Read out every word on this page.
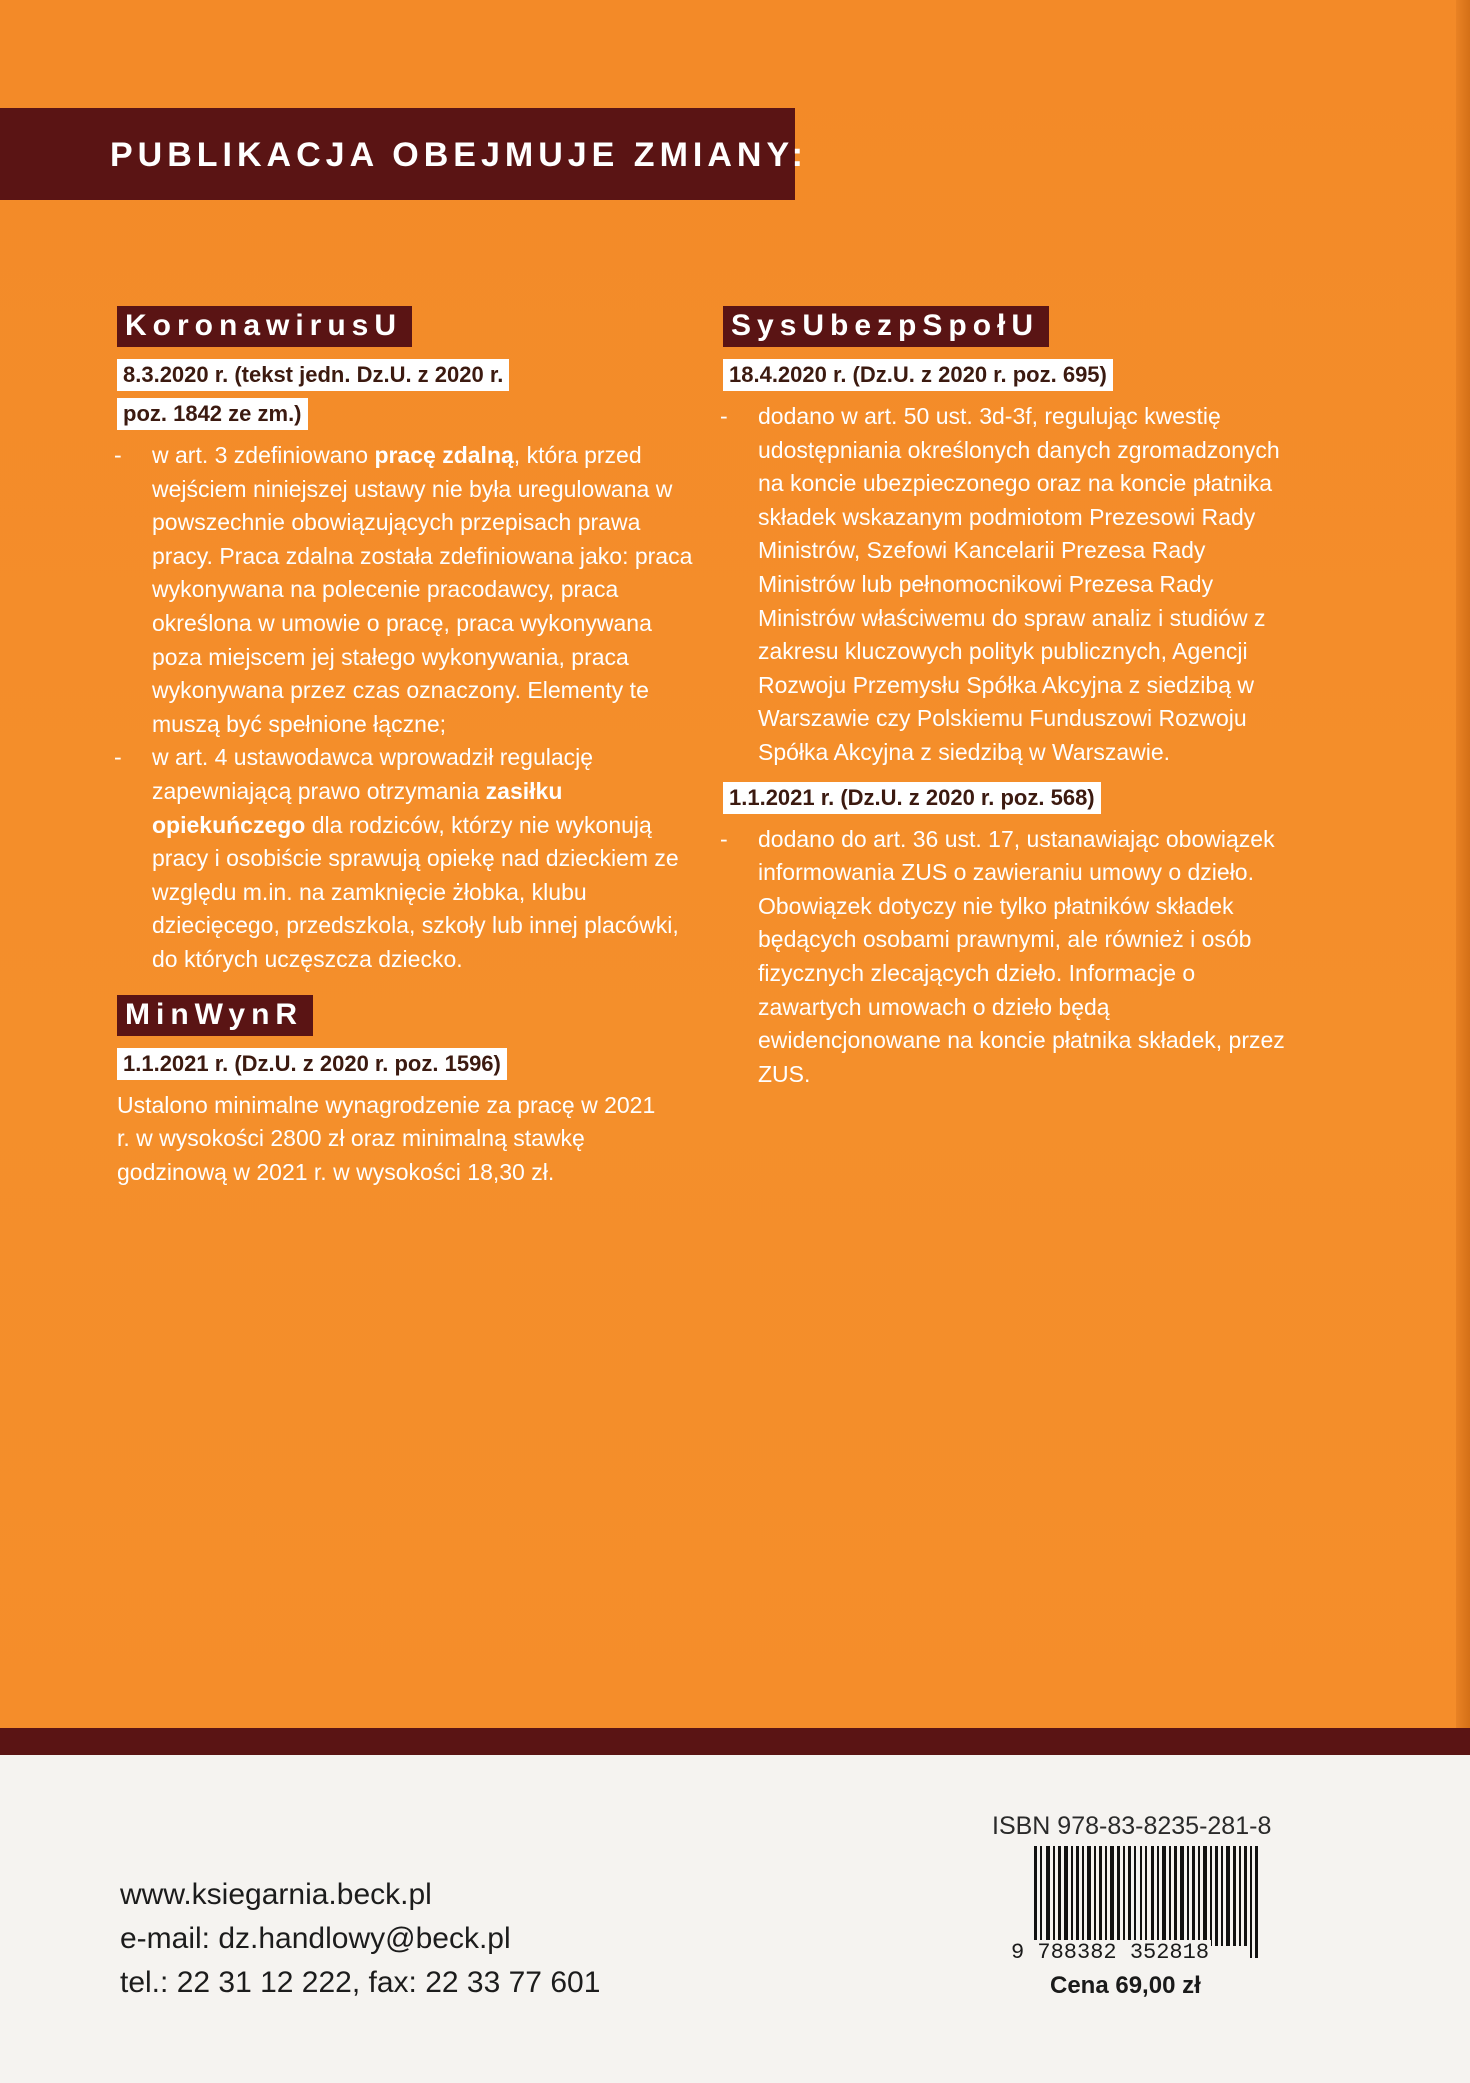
PUBLIKACJA OBEJMUJE ZMIANY:
KoronawirusU
8.3.2020 r. (tekst jedn. Dz.U. z 2020 r.
poz. 1842 ze zm.)
-	w art. 3 zdefiniowano pracę zdalną, która przed wejściem niniejszej ustawy nie była uregulowana w powszechnie obowiązujących przepisach prawa pracy. Praca zdalna została zdefiniowana jako: praca wykonywana na polecenie pracodawcy, praca określona w umowie o pracę, praca wykonywana poza miejscem jej stałego wykonywania, praca wykonywana przez czas oznaczony. Elementy te muszą być spełnione łączne;
-	w art. 4 ustawodawca wprowadził regulację zapewniającą prawo otrzymania zasiłku opiekuńczego dla rodziców, którzy nie wykonują pracy i osobiście sprawują opiekę nad dzieckiem ze względu m.in. na zamknięcie żłobka, klubu dziecięcego, przedszkola, szkoły lub innej placówki, do których uczęszcza dziecko.
MinWynR
1.1.2021 r. (Dz.U. z 2020 r. poz. 1596)

Ustalono minimalne wynagrodzenie za pracę w 2021 r. w wysokości 2800 zł oraz minimalną stawkę godzinową w 2021 r. w wysokości 18,30 zł.

SysUbezpSpołU
18.4.2020 r. (Dz.U. z 2020 r. poz. 695)
-	dodano w art. 50 ust. 3d-3f, regulując kwestię udostępniania określonych danych zgromadzonych na koncie ubezpieczonego oraz na koncie płatnika składek wskazanym podmiotom Prezesowi Rady Ministrów, Szefowi Kancelarii Prezesa Rady Ministrów lub pełnomocnikowi Prezesa Rady Ministrów właściwemu do spraw analiz i studiów z zakresu kluczowych polityk publicznych, Agencji Rozwoju Przemysłu Spółka Akcyjna z siedzibą w Warszawie czy Polskiemu Funduszowi Rozwoju Spółka Akcyjna z siedzibą w Warszawie.
1.1.2021 r. (Dz.U. z 2020 r. poz. 568)
-	dodano do art. 36 ust. 17, ustanawiając obowiązek informowania ZUS o zawieraniu umowy o dzieło. Obowiązek dotyczy nie tylko płatników składek będących osobami prawnymi, ale również i osób fizycznych zlecających dzieło. Informacje o zawartych umowach o dzieło będą ewidencjonowane na koncie płatnika składek, przez ZUS.
www.ksiegarnia.beck.pl
e-mail: dz.handlowy@beck.pl
tel.: 22 31 12 222, fax: 22 33 77 601
ISBN 978-83-8235-281-8
9 788382 352818
Cena 69,00 zł
